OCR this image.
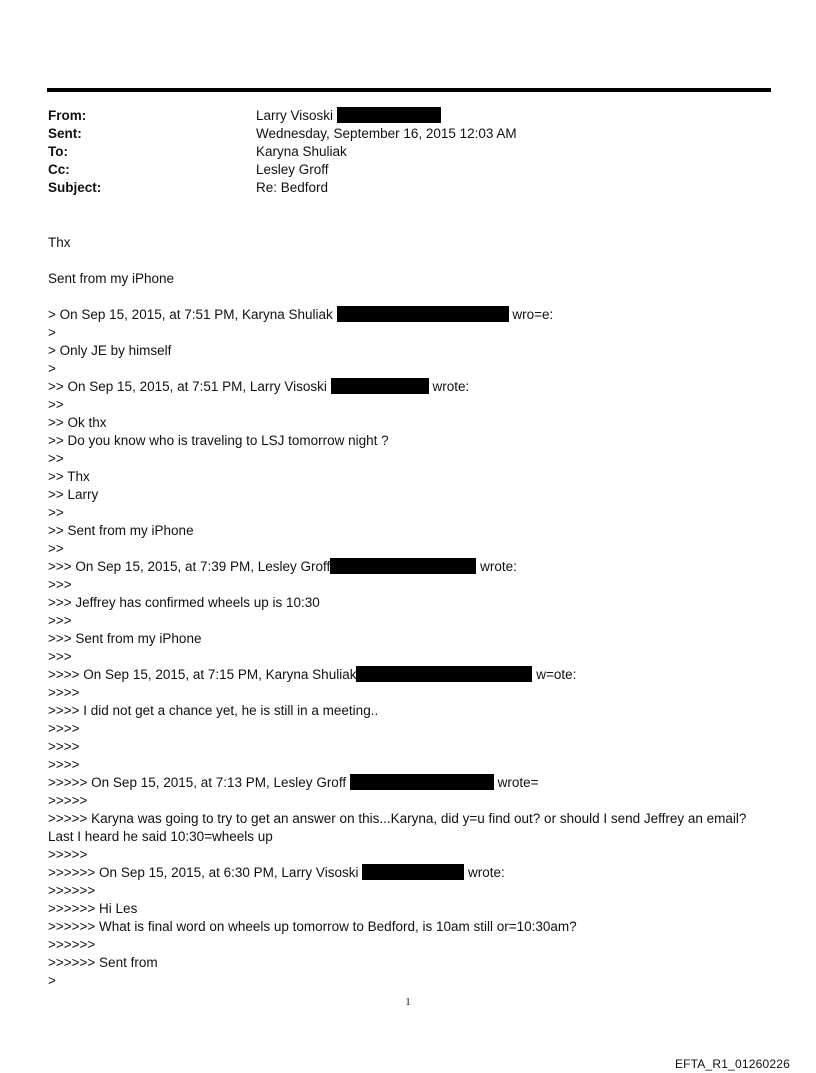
From:	Larry Visoski
Sent:	Wednesday, September 16, 2015 12:03 AM
To:	Karyna Shuliak
Cc:	Lesley Groff
Subject:	Re: Bedford
Thx
Sent from my iPhone
> On Sep 15, 2015, at 7:51 PM, Karyna Shuliak	wro=e:
>
> Only JE by himself
>
>> On Sep 15, 2015, at 7:51 PM, Larry Visoski	wrote:
>>
>> Ok thx
>> Do you know who is traveling to LSJ tomorrow night ?
>>
>> Thx
>> Larry
>>
>> Sent from my iPhone
>>
>>> On Sep 15, 2015, at 7:39 PM, Lesley Groff	wrote:
>>>
>>> Jeffrey has confirmed wheels up is 10:30
>>>
>>> Sent from my iPhone
>>>
>>>> On Sep 15, 2015, at 7:15 PM, Karyna Shuliak	w=ote:
>>>>
>>>> I did not get a chance yet, he is still in a meeting..
>>>>
>>>>
>>>>
>>>>> On Sep 15, 2015, at 7:13 PM, Lesley Groff	wrote=
>>>>>
>>>>> Karyna was going to try to get an answer on this...Karyna, did y=u find out? or should I send Jeffrey an email?
Last I heard he said 10:30=wheels up
>>>>>
>>>>>> On Sep 15, 2015, at 6:30 PM, Larry Visoski	wrote:
>>>>>>
>>>>>> Hi Les
>>>>>> What is final word on wheels up tomorrow to Bedford, is 10am still or=10:30am?
>>>>>>
>>>>>> Sent from
>
1
EFTA_R1_01260226
